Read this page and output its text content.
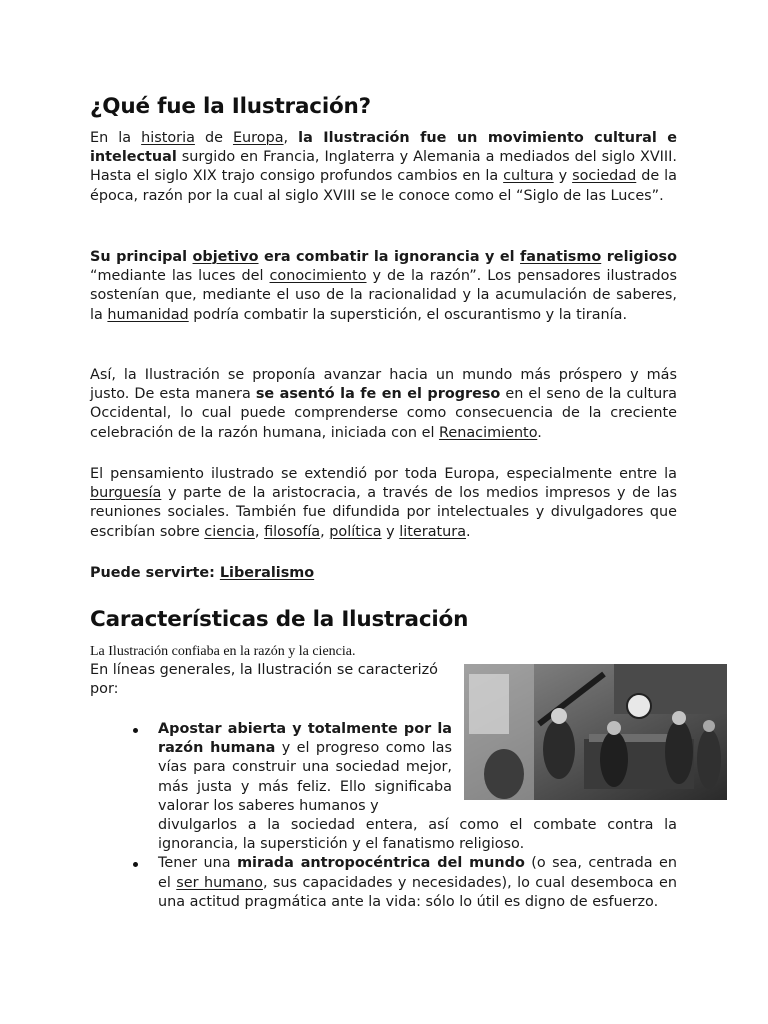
¿Qué fue la Ilustración?

En la historia de Europa, la Ilustración fue un movimiento cultural e intelectual surgido en Francia, Inglaterra y Alemania a mediados del siglo XVIII. Hasta el siglo XIX trajo consigo profundos cambios en la cultura y sociedad de la época, razón por la cual al siglo XVIII se le conoce como el “Siglo de las Luces”.

Su principal objetivo era combatir la ignorancia y el fanatismo religioso “mediante las luces del conocimiento y de la razón”. Los pensadores ilustrados sostenían que, mediante el uso de la racionalidad y la acumulación de saberes, la humanidad podría combatir la superstición, el oscurantismo y la tiranía.

Así, la Ilustración se proponía avanzar hacia un mundo más próspero y más justo. De esta manera se asentó la fe en el progreso en el seno de la cultura Occidental, lo cual puede comprenderse como consecuencia de la creciente celebración de la razón humana, iniciada con el Renacimiento.

El pensamiento ilustrado se extendió por toda Europa, especialmente entre la burguesía y parte de la aristocracia, a través de los medios impresos y de las reuniones sociales. También fue difundida por intelectuales y divulgadores que escribían sobre ciencia, filosofía, política y literatura.

Puede servirte: Liberalismo

Características de la Ilustración

La Ilustración confiaba en la razón y la ciencia.

En líneas generales, la Ilustración se caracterizó por:

Apostar abierta y totalmente por la razón humana y el progreso como las vías para construir una sociedad mejor, más justa y más feliz. Ello significaba valorar los saberes humanos y
divulgarlos a la sociedad entera, así como el combate contra la ignorancia, la superstición y el fanatismo religioso.
Tener una mirada antropocéntrica del mundo (o sea, centrada en el ser humano, sus capacidades y necesidades), lo cual desemboca en una actitud pragmática ante la vida: sólo lo útil es digno de esfuerzo.
